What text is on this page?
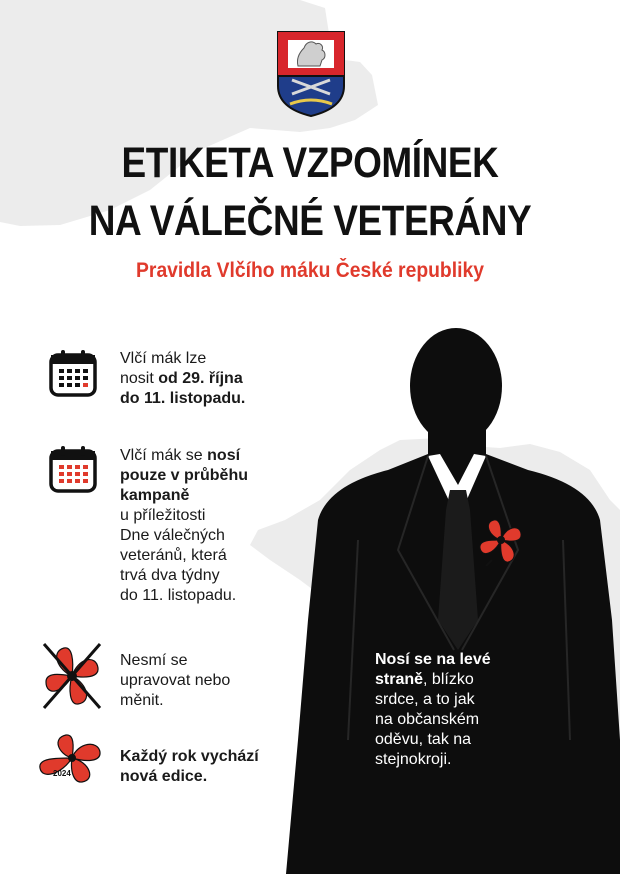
ETIKETA VZPOMÍNEK
NA VÁLEČNÉ VETERÁNY
Pravidla Vlčího máku České republiky
Vlčí mák lze
nosit od 29. října
do 11. listopadu.
Vlčí mák se nosí
pouze v průběhu
kampaně
u příležitosti
Dne válečných
veteránů, která
trvá dva týdny
do 11. listopadu.
Nesmí se
upravovat nebo
měnit.
2024
Každý rok vychází
nová edice.
Nosí se na levé
straně, blízko
srdce, a to jak
na občanském
oděvu, tak na
stejnokroji.
